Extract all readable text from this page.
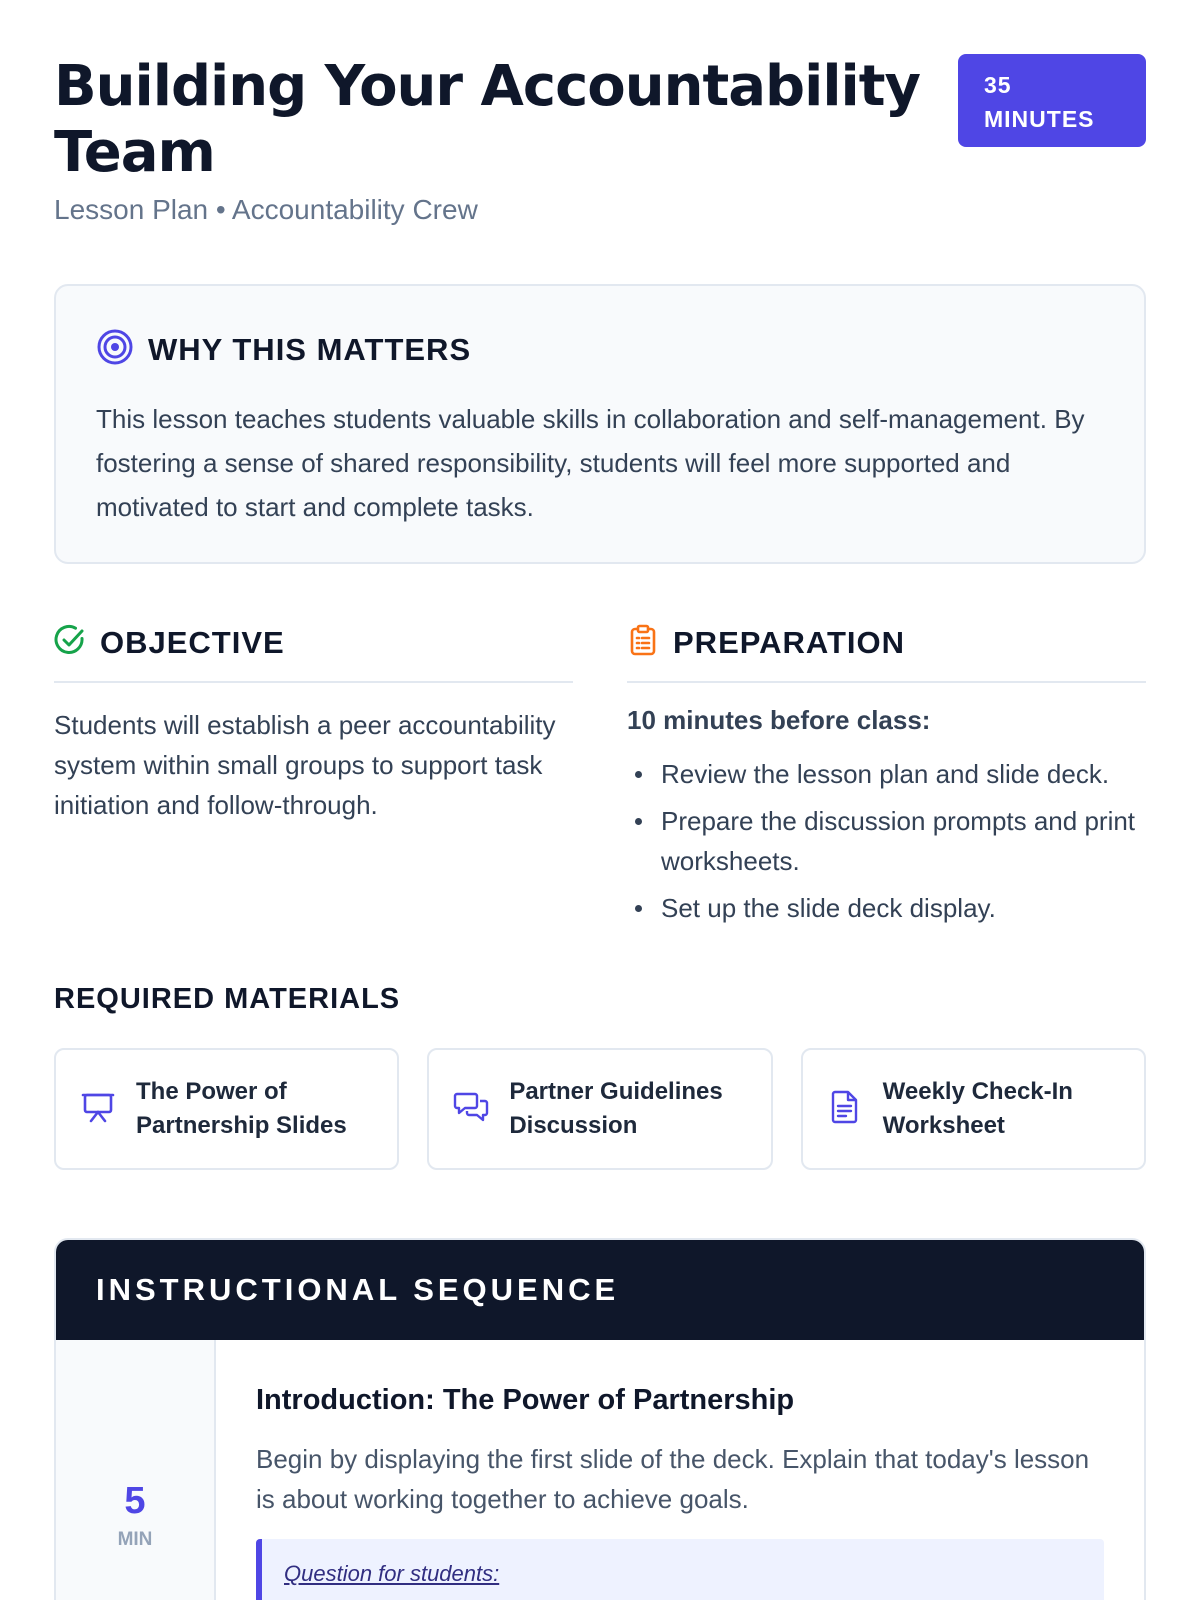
Building Your Accountability Team
Lesson Plan • Accountability Crew
35
MINUTES
WHY THIS MATTERS

This lesson teaches students valuable skills in collaboration and self-management. By fostering a sense of shared responsibility, students will feel more supported and motivated to start and complete tasks.

OBJECTIVE

Students will establish a peer accountability system within small groups to support task initiation and follow-through.

PREPARATION
10 minutes before class:
Review the lesson plan and slide deck.
Prepare the discussion prompts and print worksheets.
Set up the slide deck display.
REQUIRED MATERIALS
The Power of
Partnership Slides
Partner Guidelines
Discussion
Weekly Check-In
Worksheet
INSTRUCTIONAL SEQUENCE
5
MIN
Introduction: The Power of Partnership

Begin by displaying the first slide of the deck. Explain that today's lesson is about working together to achieve goals.

Question for students:
